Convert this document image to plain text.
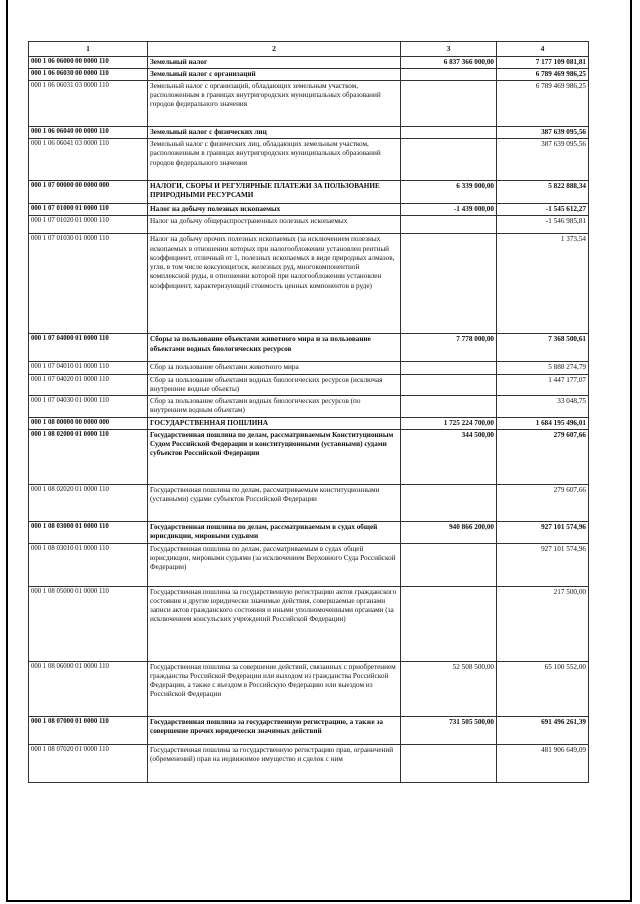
1	2	3	4
000 1 06 06000 00 0000 110	Земельный налог	6 837 366 000,00	7 177 109 081,81
000 1 06 06030 00 0000 110	Земельный налог с организаций		6 789 469 986,25
000 1 06 06031 03 0000 110	Земельный налог с организаций, обладающих земельным участком, расположенным в границах внутригородских муниципальных образований городов федерального значения		6 789 469 986,25
000 1 06 06040 00 0000 110	Земельный налог с физических лиц		387 639 095,56
000 1 06 06041 03 0000 110	Земельный налог с физических лиц, обладающих земельным участком, расположенным в границах внутригородских муниципальных образований городов федерального значения		387 639 095,56
000 1 07 00000 00 0000 000	НАЛОГИ, СБОРЫ И РЕГУЛЯРНЫЕ ПЛАТЕЖИ ЗА ПОЛЬЗОВАНИЕ ПРИРОДНЫМИ РЕСУРСАМИ	6 339 000,00	5 822 888,34
000 1 07 01000 01 0000 110	Налог на добычу полезных ископаемых	-1 439 000,00	-1 545 612,27
000 1 07 01020 01 0000 110	Налог на добычу общераспространенных полезных ископаемых		-1 546 985,81
000 1 07 01030 01 0000 110	Налог на добычу прочих полезных ископаемых (за исключением полезных ископаемых в отношении которых при налогообложении установлен рентный коэффициент, отличный от 1, полезных ископаемых в виде природных алмазов, угля, в том числе коксующегося, железных руд, многокомпонентной комплексной руды, в отношении которой при налогообложении установлен коэффициент, характеризующий стоимость ценных компонентов в руде)		1 373,54
000 1 07 04000 01 0000 110	Сборы за пользование объектами животного мира и за пользование объектами водных биологических ресурсов	7 778 000,00	7 368 500,61
000 1 07 04010 01 0000 110	Сбор за пользование объектами животного мира		5 888 274,79
000 1 07 04020 01 0000 110	Сбор за пользование объектами водных биологических ресурсов (исключая внутренние водные объекты)		1 447 177,07
000 1 07 04030 01 0000 110	Сбор за пользование объектами водных биологических ресурсов (по внутренним водным объектам)		33 048,75
000 1 08 00000 00 0000 000	ГОСУДАРСТВЕННАЯ ПОШЛИНА	1 725 224 700,00	1 684 195 496,01
000 1 08 02000 01 0000 110	Государственная пошлина по делам, рассматриваемым Конституционным Судом Российской Федерации и конституционными (уставными) судами субъектов Российской Федерации	344 500,00	279 607,66
000 1 08 02020 01 0000 110	Государственная пошлина по делам, рассматриваемым конституционными (уставными) судами субъектов Российской Федерации		279 607,66
000 1 08 03000 01 0000 110	Государственная пошлина по делам, рассматриваемым в судах общей юрисдикции, мировыми судьями	940 866 200,00	927 101 574,96
000 1 08 03010 01 0000 110	Государственная пошлина по делам, рассматриваемым в судах общей юрисдикции, мировыми судьями (за исключением Верховного Суда Российской Федерации)		927 101 574,96
000 1 08 05000 01 0000 110	Государственная пошлина за государственную регистрацию актов гражданского состояния и другие юридически значимые действия, совершаемые органами записи актов гражданского состояния и иными уполномоченными органами (за исключением консульских учреждений Российской Федерации)		217 500,00
000 1 08 06000 01 0000 110	Государственная пошлина за совершение действий, связанных с приобретением гражданства Российской Федерации или выходом из гражданства Российской Федерации, а также с въездом в Российскую Федерацию или выездом из Российской Федерации	52 508 500,00	65 100 552,00
000 1 08 07000 01 0000 110	Государственная пошлина за государственную регистрацию, а также за совершение прочих юридически значимых действий	731 505 500,00	691 496 261,39
000 1 08 07020 01 0000 110	Государственная пошлина за государственную регистрацию прав, ограничений (обременений) прав на недвижимое имущество и сделок с ним		481 906 649,09
